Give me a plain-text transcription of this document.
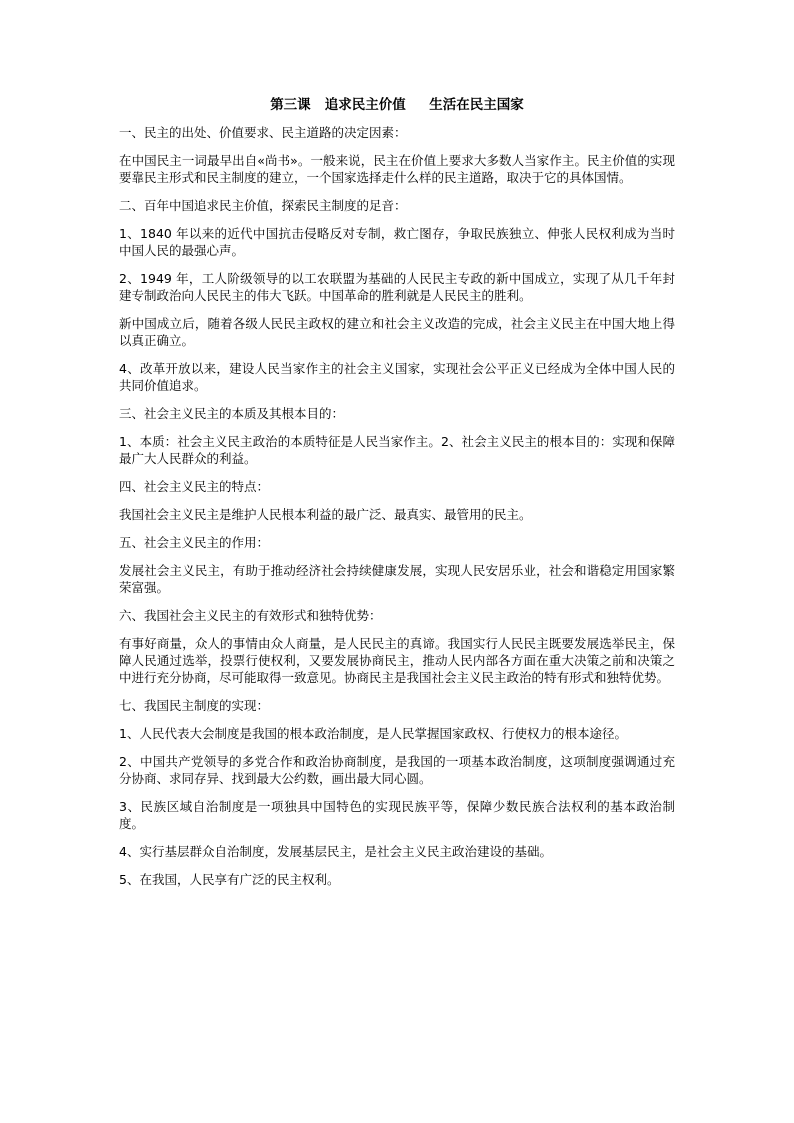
第三课   追求民主价值     生活在民主国家

一、民主的出处、价值要求、民主道路的决定因素：

在中国民主一词最早出自«尚书»。一般来说，民主在价值上要求大多数人当家作主。民主价值的实现要靠民主形式和民主制度的建立，一个国家选择走什么样的民主道路，取决于它的具体国情。

二、百年中国追求民主价值，探索民主制度的足音：

1、1840 年以来的近代中国抗击侵略反对专制，救亡图存，争取民族独立、伸张人民权利成为当时中国人民的最强心声。

2、1949 年，工人阶级领导的以工农联盟为基础的人民民主专政的新中国成立，实现了从几千年封建专制政治向人民民主的伟大飞跃。中国革命的胜利就是人民民主的胜利。

新中国成立后，随着各级人民民主政权的建立和社会主义改造的完成，社会主义民主在中国大地上得以真正确立。

4、改革开放以来，建设人民当家作主的社会主义国家，实现社会公平正义已经成为全体中国人民的共同价值追求。

三、社会主义民主的本质及其根本目的：

1、本质：社会主义民主政治的本质特征是人民当家作主。2、社会主义民主的根本目的：实现和保障最广大人民群众的利益。

四、社会主义民主的特点：

我国社会主义民主是维护人民根本利益的最广泛、最真实、最管用的民主。

五、社会主义民主的作用：

发展社会主义民主，有助于推动经济社会持续健康发展，实现人民安居乐业，社会和谐稳定用国家繁荣富强。

六、我国社会主义民主的有效形式和独特优势：

有事好商量，众人的事情由众人商量，是人民民主的真谛。我国实行人民民主既要发展选举民主，保障人民通过选举，投票行使权利，又要发展协商民主，推动人民内部各方面在重大决策之前和决策之中进行充分协商，尽可能取得一致意见。协商民主是我国社会主义民主政治的特有形式和独特优势。

七、我国民主制度的实现：

1、人民代表大会制度是我国的根本政治制度，是人民掌握国家政权、行使权力的根本途径。

2、中国共产党领导的多党合作和政治协商制度，是我国的一项基本政治制度，这项制度强调通过充分协商、求同存异、找到最大公约数，画出最大同心圆。

3、民族区域自治制度是一项独具中国特色的实现民族平等，保障少数民族合法权利的基本政治制度。

4、实行基层群众自治制度，发展基层民主，是社会主义民主政治建设的基础。

5、在我国，人民享有广泛的民主权利。
